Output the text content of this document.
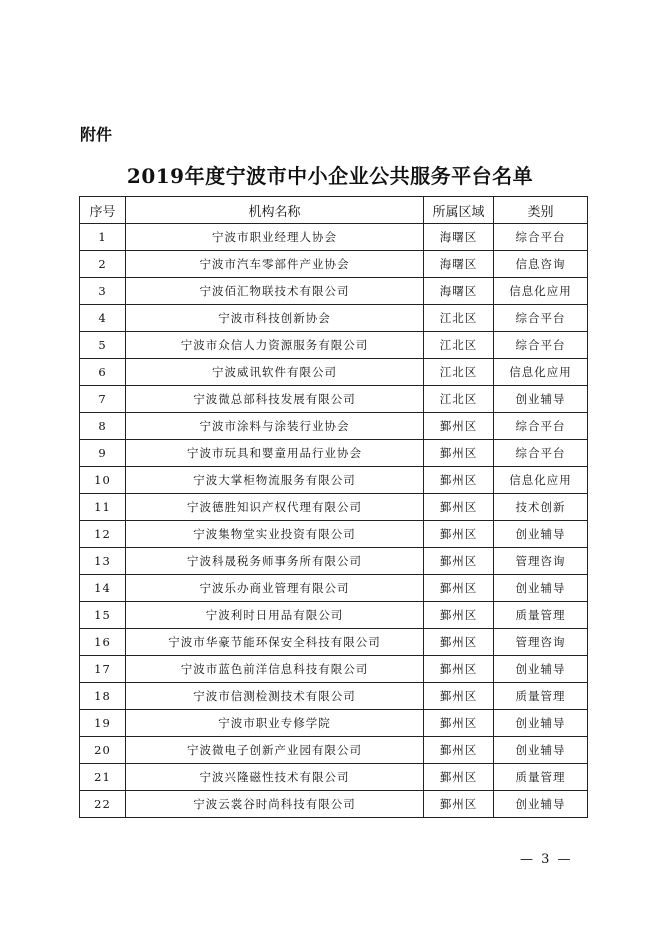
附件
2019年度宁波市中小企业公共服务平台名单
序号	机构名称	所属区域	类别
1	宁波市职业经理人协会	海曙区	综合平台
2	宁波市汽车零部件产业协会	海曙区	信息咨询
3	宁波佰汇物联技术有限公司	海曙区	信息化应用
4	宁波市科技创新协会	江北区	综合平台
5	宁波市众信人力资源服务有限公司	江北区	综合平台
6	宁波威讯软件有限公司	江北区	信息化应用
7	宁波微总部科技发展有限公司	江北区	创业辅导
8	宁波市涂料与涂装行业协会	鄞州区	综合平台
9	宁波市玩具和婴童用品行业协会	鄞州区	综合平台
10	宁波大掌柜物流服务有限公司	鄞州区	信息化应用
11	宁波德胜知识产权代理有限公司	鄞州区	技术创新
12	宁波集物堂实业投资有限公司	鄞州区	创业辅导
13	宁波科晟税务师事务所有限公司	鄞州区	管理咨询
14	宁波乐办商业管理有限公司	鄞州区	创业辅导
15	宁波利时日用品有限公司	鄞州区	质量管理
16	宁波市华豪节能环保安全科技有限公司	鄞州区	管理咨询
17	宁波市蓝色前洋信息科技有限公司	鄞州区	创业辅导
18	宁波市信测检测技术有限公司	鄞州区	质量管理
19	宁波市职业专修学院	鄞州区	创业辅导
20	宁波微电子创新产业园有限公司	鄞州区	创业辅导
21	宁波兴隆磁性技术有限公司	鄞州区	质量管理
22	宁波云裳谷时尚科技有限公司	鄞州区	创业辅导
— 3 —
